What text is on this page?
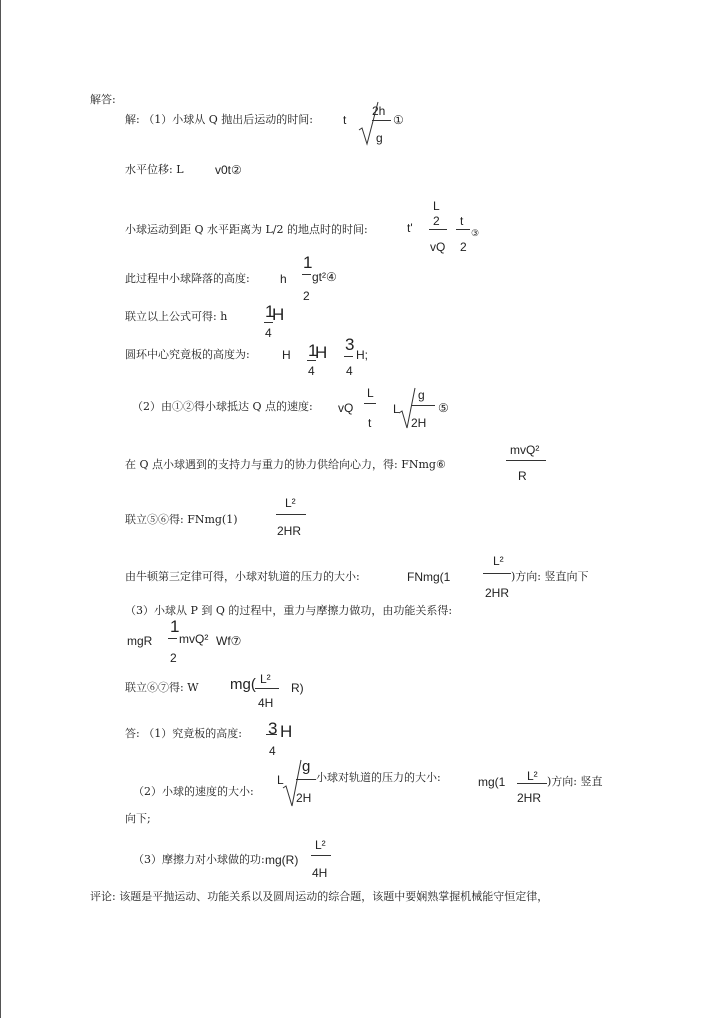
解答:
解: （1）小球从 Q 抛出后运动的时间:	t
2h
g
①
水平位移: L	v0t②
小球运动到距 Q 水平距离为 L/2 的地点时的时间:	t'
L
2
vQ
t
2
③
此过程中小球降落的高度:	h
1
2
gt²④
联立以上公式可得: h 1
H
4
圆环中心究竟板的高度为:	H 1
H
4
3
H;
4
（2）由①②得小球抵达 Q 点的速度: vQ
L
t
L
g
2H
⑤
在 Q 点小球遇到的支持力与重力的协力供给向心力，得: FNmg⑥
mvQ²
R
联立⑤⑥得: FNmg(1)
L²
2HR
由牛顿第三定律可得，小球对轨道的压力的大小:	FNmg(1
L²
2HR
)方向: 竖直向下
（3）小球从 P 到 Q 的过程中，重力与摩擦力做功，由功能关系得:
mgR
1
2
mvQ² Wf⑦
联立⑥⑦得: W mg( L²
4H
R)
答: （1）究竟板的高度: 3
4
H
（2）小球的速度的大小:
L
g
2H
小球对轨道的压力的大小:	mg(1 L²
2HR
)方向: 竖直
向下;
（3）摩擦力对小球做的功: mg(R)
L²
4H
评论: 该题是平抛运动、功能关系以及圆周运动的综合题，该题中要娴熟掌握机械能守恒定律，
